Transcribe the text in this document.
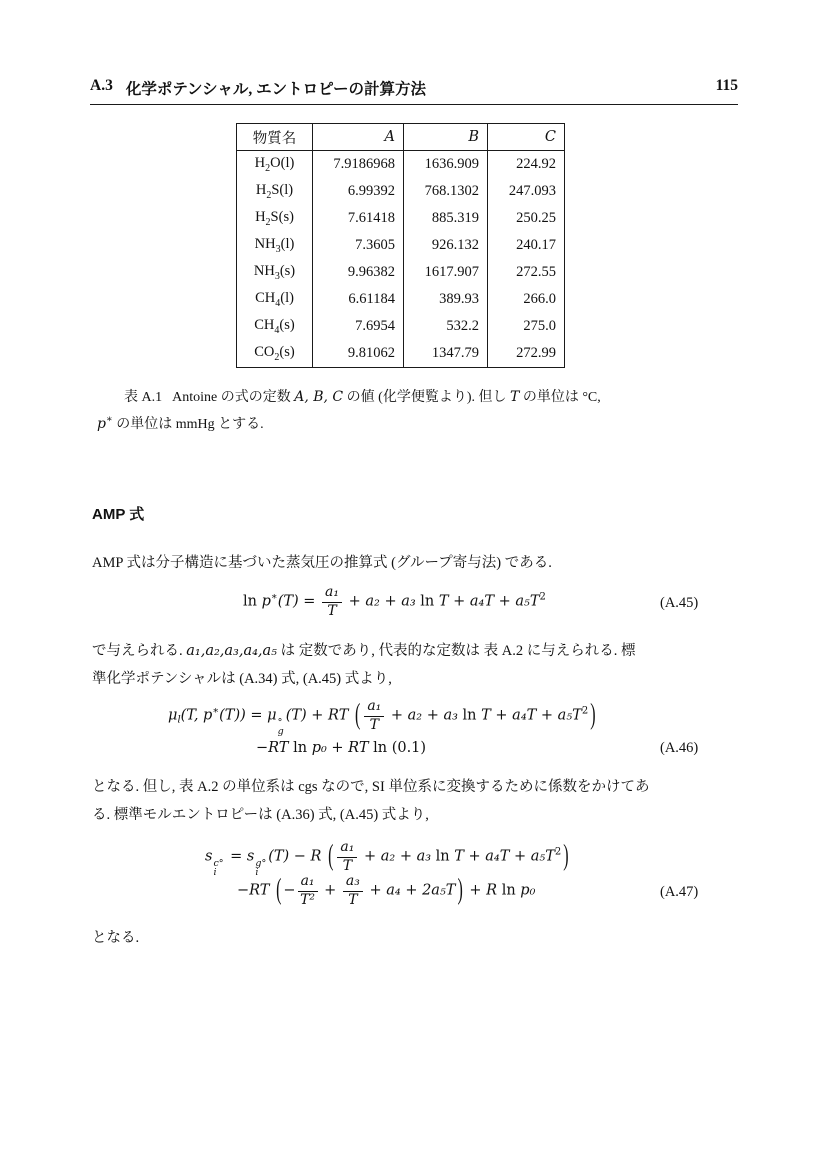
A.3 化学ポテンシャル, エントロピーの計算方法	115
物質名	A	B	C
$H_2O(l)$	7.9186968	1636.909	224.92
$H_2S(l)$	6.99392	768.1302	247.093
$H_2S(s)$	7.61418	885.319	250.25
$NH_3(l)$	7.3605	926.132	240.17
$NH_3(s)$	9.96382	1617.907	272.55
$CH_4(l)$	6.61184	389.93	266.0
$CH_4(s)$	7.6954	532.2	275.0
$CO_2(s)$	9.81062	1347.79	272.99
表 A.1 Antoine の式の定数 A, B, C の値 (化学便覧より). 但し T の単位は °C,
p∗ の単位は mmHg とする.
AMP 式
AMP 式は分子構造に基づいた蒸気圧の推算式 (グループ寄与法) である.
$\ln p^∗(T) = \frac{\text{a₁}}{T} + a_2 + a_3$ $\ln T + a_4T + a_5T^2$	(A.45)
で与えられる. a₁,a₂,a₃,a₄,a₅ は 定数であり, 代表的な定数は 表 A.2 に与えられる. 標
準化学ポテンシャルは (A.34) 式, (A.45) 式より,
$\mu_l(T$, p∗(T)) = μ °
g
(T) + RT ( $\frac{\text{a₁}}{T} + a_2 + a_3$ $\ln T + a_4T + a_5T^2$ )
−RT ln p₀ + RT ln (0.1)	(A.46)
となる. 但し, 表 A.2 の単位系は cgs なので, SI 単位系に変換するために係数をかけてあ
る. 標準モルエントロピーは (A.36) 式, (A.45) 式より,
s c°
i
= s g°
i
(T) − R ( $\frac{\text{a₁}}{T} + a_2 + a_3$ $\ln T + a_4T + a_5T^2$ )
−RT ( − $\frac{\text{a₁}}{\text{T²}} + \frac{\text{a₃}}{T} + a_4 + 2a_5T$ ) + R ln p₀	(A.47)
となる.
